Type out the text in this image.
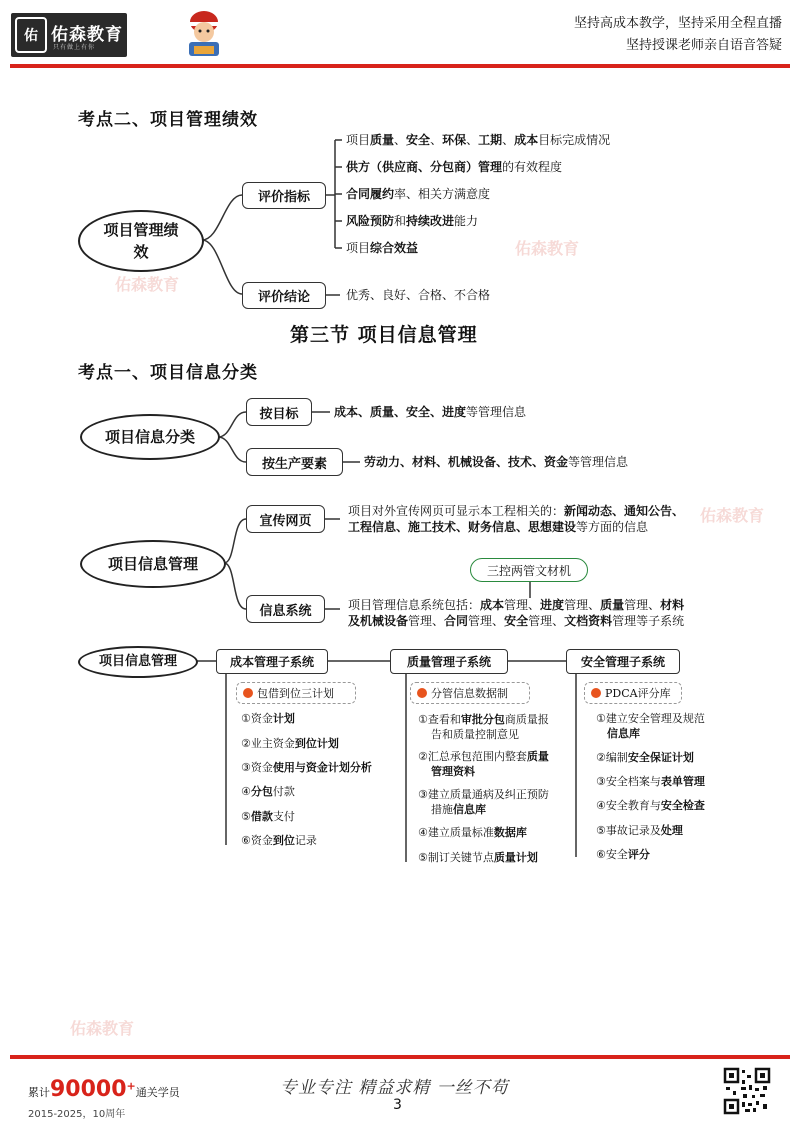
佑 佑森教育
只有做上有你
坚持高成本教学，坚持采用全程直播
坚持授课老师亲自语音答疑
佑森教育
佑森教育
佑森教育
佑森教育
考点二、项目管理绩效
项目管理绩效
评价指标
评价结论
项目质量、安全、环保、工期、成本目标完成情况
供方（供应商、分包商）管理的有效程度
合同履约率、相关方满意度
风险预防和持续改进能力
项目综合效益
优秀、良好、合格、不合格
第三节 项目信息管理
考点一、项目信息分类
项目信息分类
按目标
按生产要素
成本、质量、安全、进度等管理信息
劳动力、材料、机械设备、技术、资金等管理信息
项目信息管理
宣传网页
信息系统
项目对外宣传网页可显示本工程相关的：新闻动态、通知公告、
工程信息、施工技术、财务信息、思想建设等方面的信息
三控两管文材机
项目管理信息系统包括：成本管理、进度管理、质量管理、材料
及机械设备管理、合同管理、安全管理、文档资料管理等子系统
项目信息管理	成本管理子系统
包借到位三计划
①资金计划
②业主资金到位计划
③资金使用与资金计划分析
④分包付款
⑤借款支付
⑥资金到位记录
质量管理子系统
分管信息数据制
①查看和审批分包商质量报
告和质量控制意见
②汇总承包范围内整套质量
管理资料
③建立质量通病及纠正预防
措施信息库
④建立质量标准数据库
⑤制订关键节点质量计划
安全管理子系统
PDCA评分库
①建立安全管理及规范
信息库
②编制安全保证计划
③安全档案与表单管理
④安全教育与安全检查
⑤事故记录及处理
⑥安全评分
累计90000+通关学员
2015-2025，10周年
专业专注 精益求精 一丝不苟
3
